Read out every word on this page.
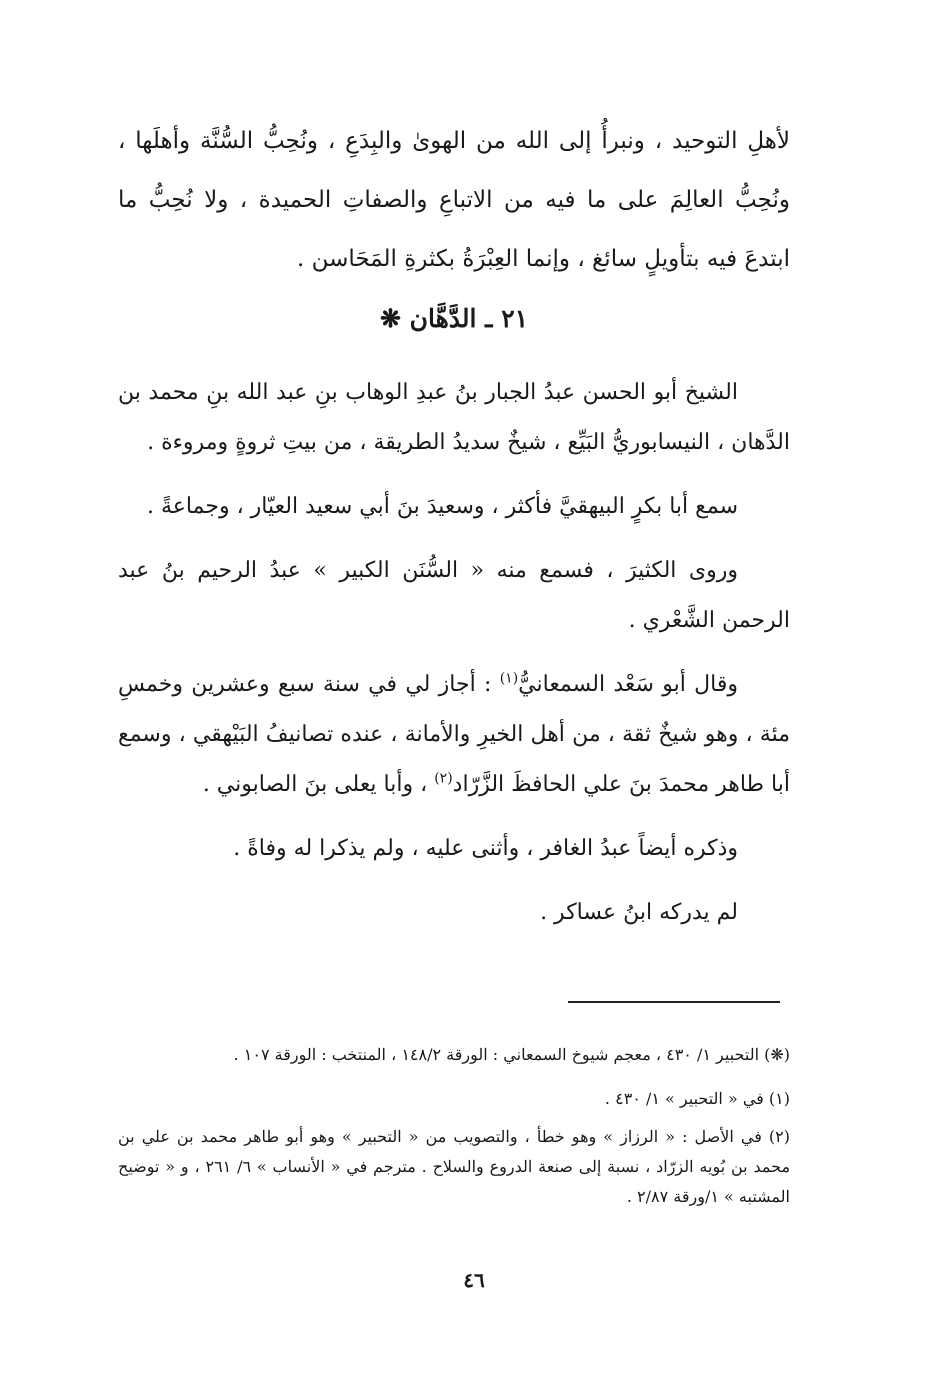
لأهلِ التوحيد ، ونبرأُ إلى الله من الهوىٰ والبِدَعِ ، ونُحِبُّ السُّنَّة وأهلَها ، ونُحِبُّ العالِمَ على ما فيه من الاتباعِ والصفاتِ الحميدة ، ولا نُحِبُّ ما ابتدعَ فيه بتأويلٍ سائغ ، وإنما العِبْرَةُ بكثرةِ المَحَاسن .
٢١ ـ الدَّهَّان ❋

الشيخ أبو الحسن عبدُ الجبار بنُ عبدِ الوهاب بنِ عبد الله بنِ محمد بن الدَّهان ، النيسابوريُّ البَيِّع ، شيخٌ سديدُ الطريقة ، من بيتِ ثروةٍ ومروءة .

سمع أبا بكرٍ البيهقيَّ فأكثر ، وسعيدَ بنَ أبي سعيد العيّار ، وجماعةً .

وروى الكثيرَ ، فسمع منه « السُّنَن الكبير » عبدُ الرحيم بنُ عبد الرحمن الشَّعْري .

وقال أبو سَعْد السمعانيُّ$^{(١)}$ : أجاز لي في سنة سبع وعشرين وخمسِ مئة ، وهو شيخٌ ثقة ، من أهل الخيرِ والأمانة ، عنده تصانيفُ البَيْهقي ، وسمع أبا طاهر محمدَ بنَ علي الحافظَ الزَّرّاد$^{(٢)}$ ، وأبا يعلى بنَ الصابوني .

وذكره أيضاً عبدُ الغافر ، وأثنى عليه ، ولم يذكرا له وفاةً .

لم يدركه ابنُ عساكر .

(❋) التحبير ١/ ٤٣٠ ، معجم شيوخ السمعاني : الورقة ١٤٨/٢ ، المنتخب : الورقة ١٠٧ .

(١) في « التحبير » ١/ ٤٣٠ .

(٢) في الأصل : « الرزاز » وهو خطأ ، والتصويب من « التحبير » وهو أبو طاهر محمد بن علي بن محمد بن بُويه الزرّاد ، نسبة إلى صنعة الدروع والسلاح . مترجم في « الأنساب » ٦/ ٢٦١ ، و « توضيح المشتبه » ١/ورقة ٢/٨٧ .

٤٦
